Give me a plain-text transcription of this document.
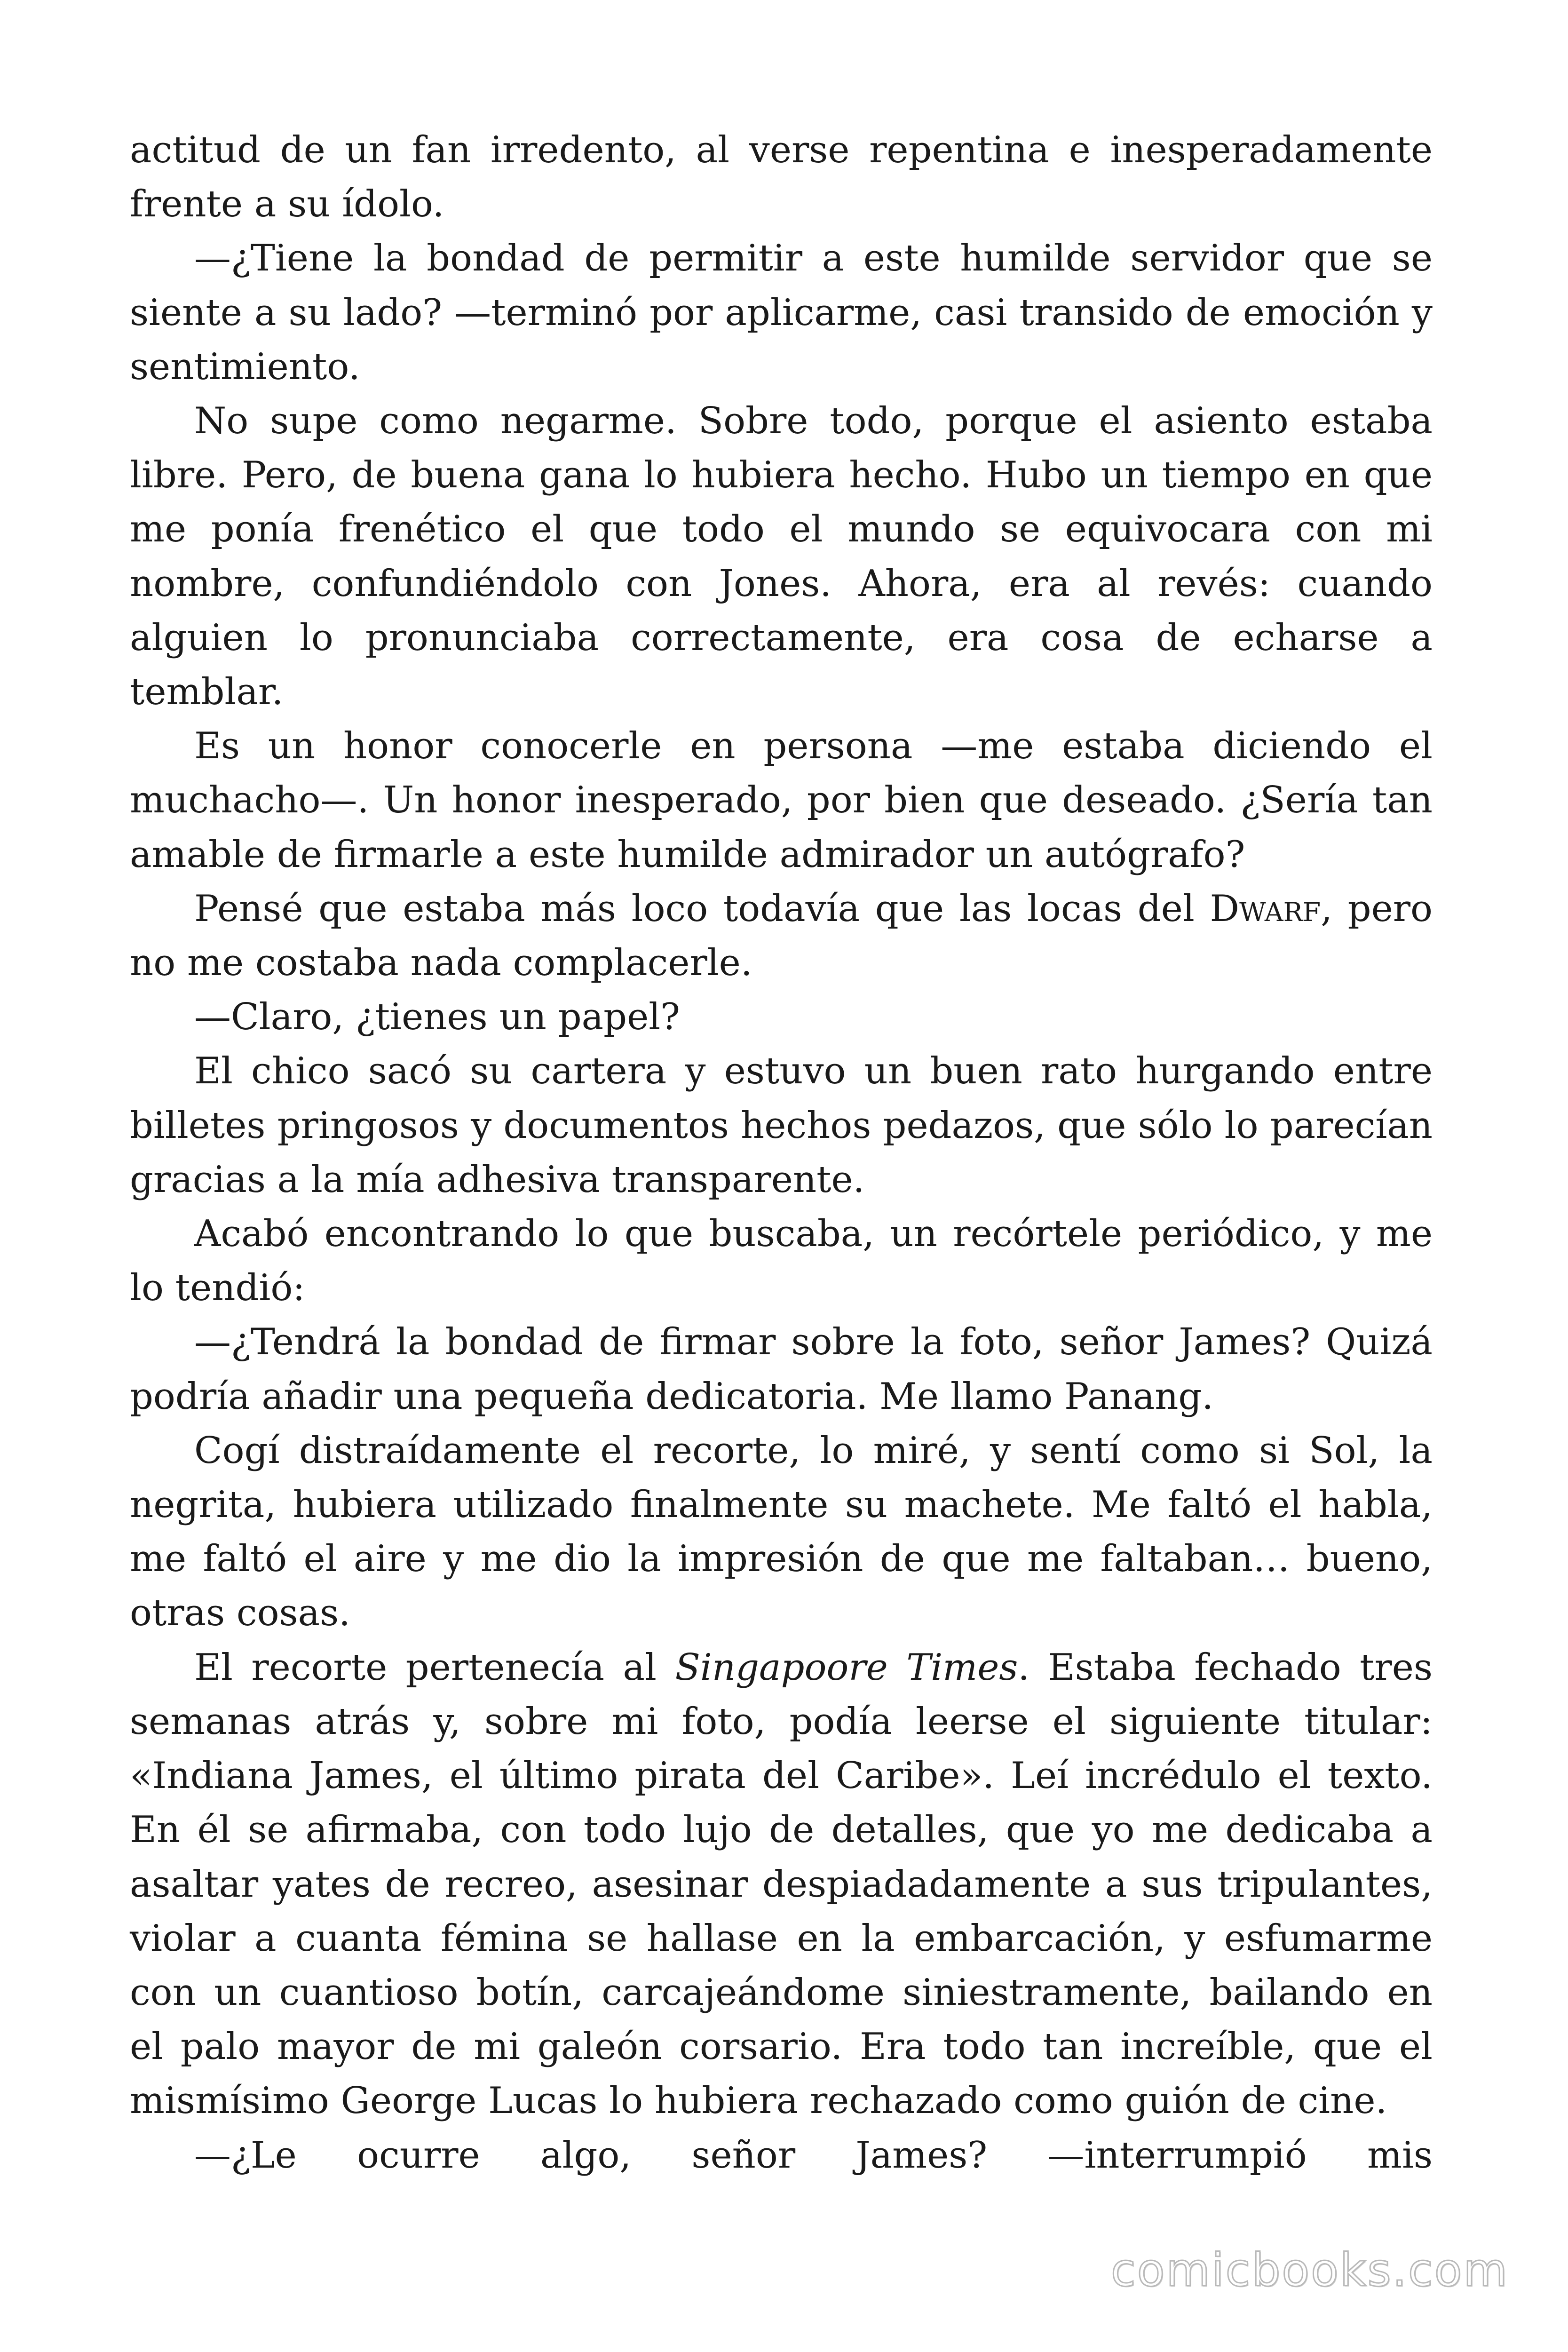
actitud de un fan irredento, al verse repentina e inesperadamente frente a su ídolo.

—¿Tiene la bondad de permitir a este humilde servidor que se siente a su lado? —terminó por aplicarme, casi transido de emoción y sentimiento.

No supe como negarme. Sobre todo, porque el asiento estaba libre. Pero, de buena gana lo hubiera hecho. Hubo un tiempo en que me ponía frenético el que todo el mundo se equivocara con mi nombre, confundiéndolo con Jones. Ahora, era al revés: cuando alguien lo pronunciaba correctamente, era cosa de echarse a temblar.

Es un honor conocerle en persona —me estaba diciendo el muchacho—. Un honor inesperado, por bien que deseado. ¿Sería tan amable de firmarle a este humilde admirador un autógrafo?

Pensé que estaba más loco todavía que las locas del Dwarf, pero no me costaba nada complacerle.

—Claro, ¿tienes un papel?

El chico sacó su cartera y estuvo un buen rato hurgando entre billetes pringosos y documentos hechos pedazos, que sólo lo parecían gracias a la mía adhesiva transparente.

Acabó encontrando lo que buscaba, un recórtele periódico, y me lo tendió:

—¿Tendrá la bondad de firmar sobre la foto, señor James? Quizá podría añadir una pequeña dedicatoria. Me llamo Panang.

Cogí distraídamente el recorte, lo miré, y sentí como si Sol, la negrita, hubiera utilizado finalmente su machete. Me faltó el habla, me faltó el aire y me dio la impresión de que me faltaban… bueno, otras cosas.

El recorte pertenecía al Singapoore Times. Estaba fechado tres semanas atrás y, sobre mi foto, podía leerse el siguiente titular: «Indiana James, el último pirata del Caribe». Leí incrédulo el texto. En él se afirmaba, con todo lujo de detalles, que yo me dedicaba a asaltar yates de recreo, asesinar despiadadamente a sus tripulantes, violar a cuanta fémina se hallase en la embarcación, y esfumarme con un cuantioso botín, carcajeándome siniestramente, bailando en el palo mayor de mi galeón corsario. Era todo tan increíble, que el mismísimo George Lucas lo hubiera rechazado como guión de cine.

—¿Le ocurre algo, señor James? —interrumpió mis

comicbooks.com
